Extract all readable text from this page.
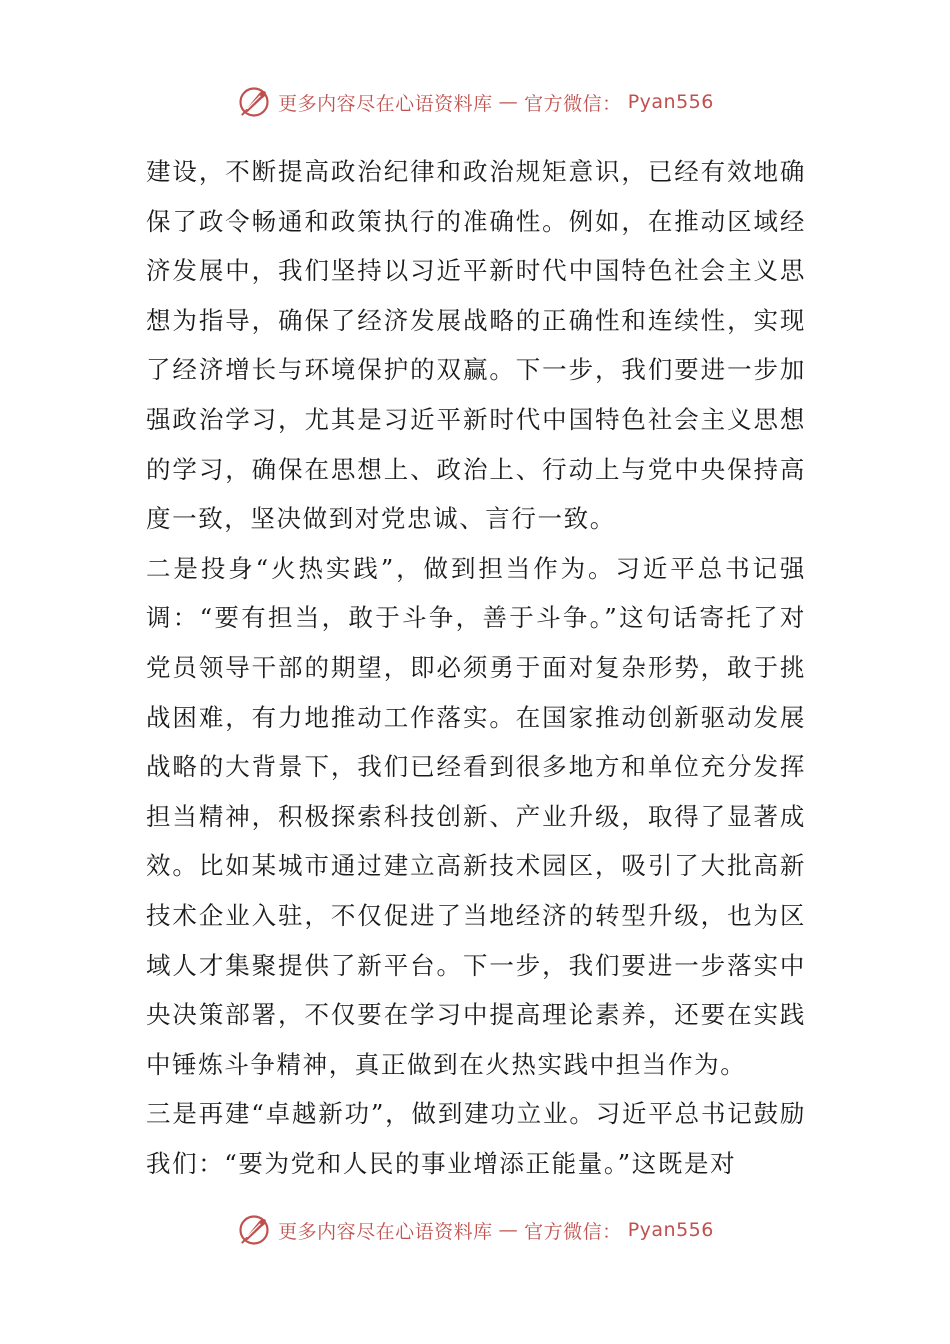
更多内容尽在心语资料库 — 官方微信： Pyan556

建设，不断提高政治纪律和政治规矩意识，已经有效地确保了政令畅通和政策执行的准确性。例如，在推动区域经济发展中，我们坚持以习近平新时代中国特色社会主义思想为指导，确保了经济发展战略的正确性和连续性，实现了经济增长与环境保护的双赢。下一步，我们要进一步加强政治学习，尤其是习近平新时代中国特色社会主义思想的学习，确保在思想上、政治上、行动上与党中央保持高度一致，坚决做到对党忠诚、言行一致。

二是投身“火热实践”，做到担当作为。习近平总书记强调：“要有担当，敢于斗争，善于斗争。”这句话寄托了对党员领导干部的期望，即必须勇于面对复杂形势，敢于挑战困难，有力地推动工作落实。在国家推动创新驱动发展战略的大背景下，我们已经看到很多地方和单位充分发挥担当精神，积极探索科技创新、产业升级，取得了显著成效。比如某城市通过建立高新技术园区，吸引了大批高新技术企业入驻，不仅促进了当地经济的转型升级，也为区域人才集聚提供了新平台。下一步，我们要进一步落实中央决策部署，不仅要在学习中提高理论素养，还要在实践中锤炼斗争精神，真正做到在火热实践中担当作为。

三是再建“卓越新功”，做到建功立业。习近平总书记鼓励我们：“要为党和人民的事业增添正能量。”这既是对

更多内容尽在心语资料库 — 官方微信： Pyan556
